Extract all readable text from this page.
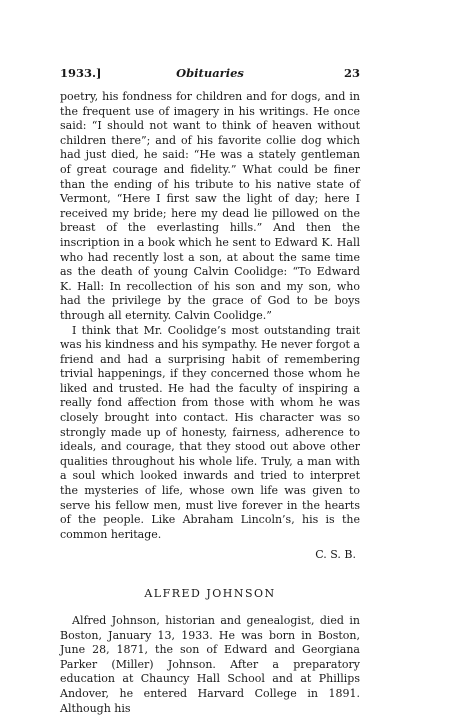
1933.]	Obituaries	23

poetry, his fondness for children and for dogs, and in the frequent use of imagery in his writings. He once said: “I should not want to think of heaven without children there”; and of his favorite collie dog which had just died, he said: “He was a stately gentleman of great courage and fidelity.” What could be finer than the ending of his tribute to his native state of Vermont, “Here I first saw the light of day; here I received my bride; here my dead lie pillowed on the breast of the everlasting hills.” And then the inscription in a book which he sent to Edward K. Hall who had recently lost a son, at about the same time as the death of young Calvin Coolidge: “To Edward K. Hall: In recollection of his son and my son, who had the privilege by the grace of God to be boys through all eternity. Calvin Coolidge.”

I think that Mr. Coolidge’s most outstanding trait was his kindness and his sympathy. He never forgot a friend and had a surprising habit of remembering trivial happenings, if they concerned those whom he liked and trusted. He had the faculty of inspiring a really fond affection from those with whom he was closely brought into contact. His character was so strongly made up of honesty, fairness, adherence to ideals, and courage, that they stood out above other qualities throughout his whole life. Truly, a man with a soul which looked inwards and tried to interpret the mysteries of life, whose own life was given to serve his fellow men, must live forever in the hearts of the people. Like Abraham Lincoln’s, his is the common heritage.

C. S. B.
ALFRED JOHNSON

Alfred Johnson, historian and genealogist, died in Boston, January 13, 1933. He was born in Boston, June 28, 1871, the son of Edward and Georgiana Parker (Miller) Johnson. After a preparatory education at Chauncy Hall School and at Phillips Andover, he entered Harvard College in 1891. Although his
